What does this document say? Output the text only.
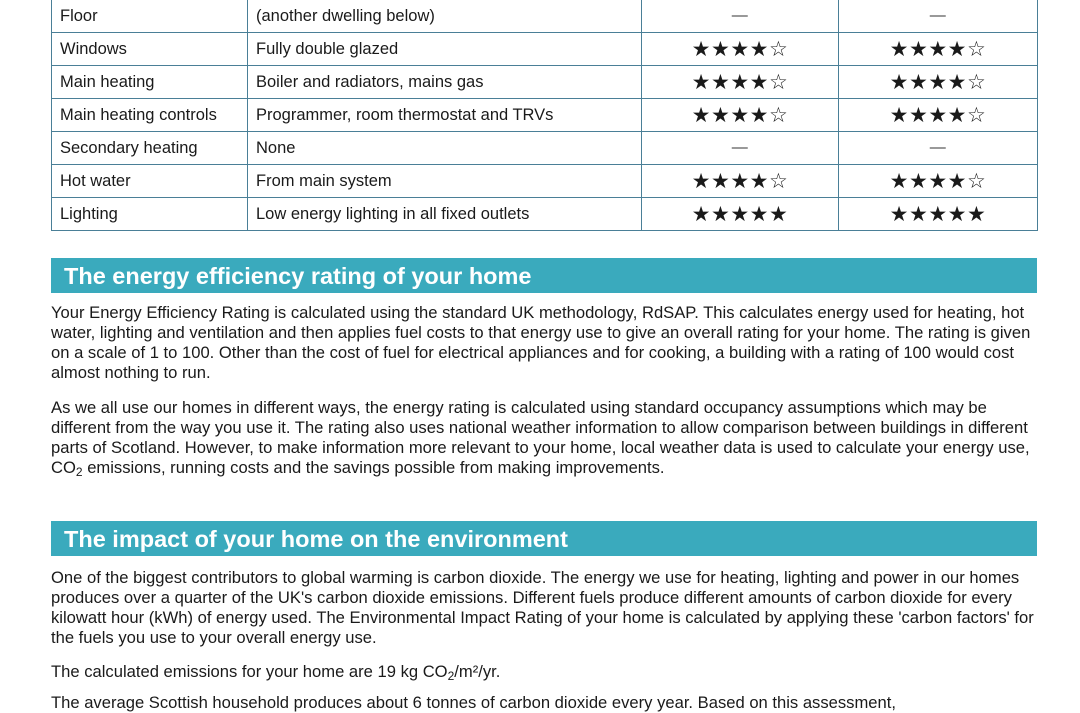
Floor	(another dwelling below)	—	—
Windows	Fully double glazed	★★★★☆	★★★★☆
Main heating	Boiler and radiators, mains gas	★★★★☆	★★★★☆
Main heating controls	Programmer, room thermostat and TRVs	★★★★☆	★★★★☆
Secondary heating	None	—	—
Hot water	From main system	★★★★☆	★★★★☆
Lighting	Low energy lighting in all fixed outlets	★★★★★	★★★★★
The energy efficiency rating of your home

Your Energy Efficiency Rating is calculated using the standard UK methodology, RdSAP. This calculates energy used for heating, hot water, lighting and ventilation and then applies fuel costs to that energy use to give an overall rating for your home. The rating is given on a scale of 1 to 100. Other than the cost of fuel for electrical appliances and for cooking, a building with a rating of 100 would cost almost nothing to run.

As we all use our homes in different ways, the energy rating is calculated using standard occupancy assumptions which may be different from the way you use it. The rating also uses national weather information to allow comparison between buildings in different parts of Scotland. However, to make information more relevant to your home, local weather data is used to calculate your energy use, $CO_2$ emissions, running costs and the savings possible from making improvements.

The impact of your home on the environment

One of the biggest contributors to global warming is carbon dioxide. The energy we use for heating, lighting and power in our homes produces over a quarter of the UK's carbon dioxide emissions. Different fuels produce different amounts of carbon dioxide for every kilowatt hour (kWh) of energy used. The Environmental Impact Rating of your home is calculated by applying these 'carbon factors' for the fuels you use to your overall energy use.

The calculated emissions for your home are 19 kg $CO_2/m^2/yr$.

The average Scottish household produces about 6 tonnes of carbon dioxide every year. Based on this assessment,
